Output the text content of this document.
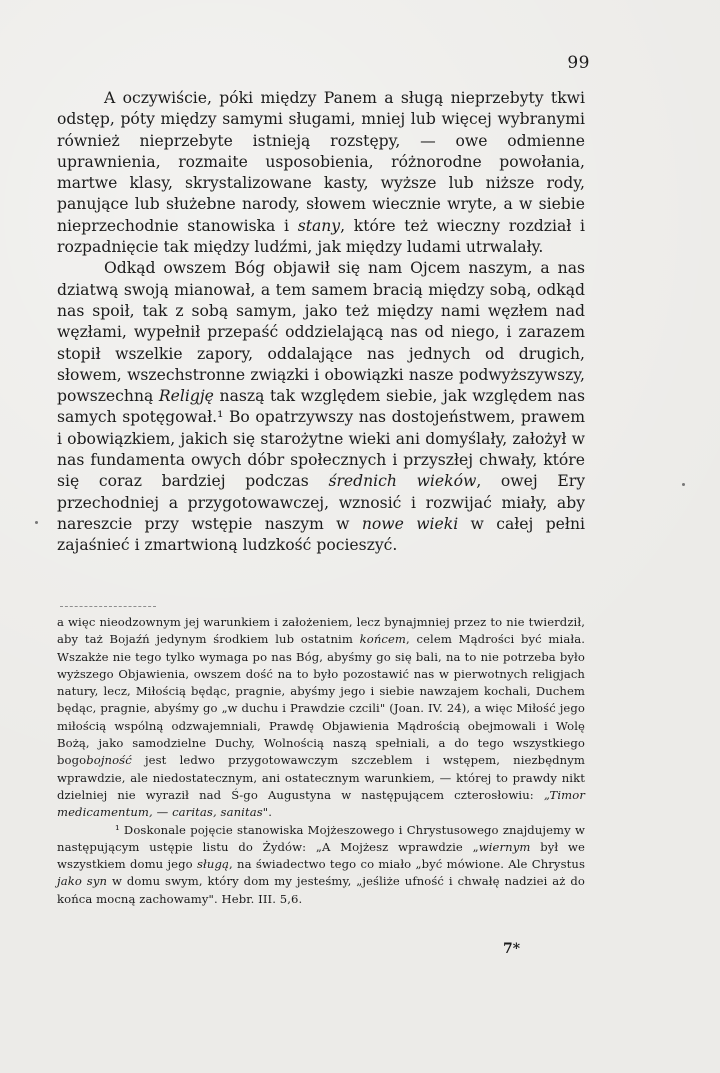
99

A oczywiście, póki między Panem a sługą nieprzebyty tkwi odstęp, póty między samymi sługami, mniej lub więcej wybranymi również nieprzebyte istnieją rozstępy, — owe odmienne uprawnienia, rozmaite usposobienia, różnorodne powołania, martwe klasy, skrystalizowane kasty, wyższe lub niższe rody, panujące lub służebne narody, słowem wiecznie wryte, a w siebie nieprzechodnie stanowiska i stany, które też wieczny rozdział i rozpadnięcie tak między ludźmi, jak między ludami utrwalały.

Odkąd owszem Bóg objawił się nam Ojcem naszym, a nas dziatwą swoją mianował, a tem samem bracią między sobą, odkąd nas spoił, tak z sobą samym, jako też między nami węzłem nad węzłami, wypełnił przepaść oddzielającą nas od niego, i zarazem stopił wszelkie zapory, oddalające nas jednych od drugich, słowem, wszechstronne związki i obowiązki nasze podwyższywszy, powszechną Religję naszą tak względem siebie, jak względem nas samych spotęgował.¹ Bo opatrzywszy nas dostojeństwem, prawem i obowiązkiem, jakich się starożytne wieki ani domyślały, założył w nas fundamenta owych dóbr społecznych i przyszłej chwały, które się coraz bardziej podczas średnich wieków, owej Ery przechodniej a przygotowawczej, wznosić i rozwijać miały, aby nareszcie przy wstępie naszym w nowe wieki w całej pełni zajaśnieć i zmartwioną ludzkość pocieszyć.

a więc nieodzownym jej warunkiem i założeniem, lecz bynajmniej przez to nie twierdził, aby taż Bojaźń jedynym środkiem lub ostatnim końcem, celem Mądrości być miała. Wszakże nie tego tylko wymaga po nas Bóg, abyśmy go się bali, na to nie potrzeba było wyższego Objawienia, owszem dość na to było pozostawić nas w pierwotnych religjach natury, lecz, Miłością będąc, pragnie, abyśmy jego i siebie nawzajem kochali, Duchem będąc, pragnie, abyśmy go „w duchu i Prawdzie czcili" (Joan. IV. 24), a więc Miłość jego miłością wspólną odzwajemniali, Prawdę Objawienia Mądrością obejmowali i Wolę Bożą, jako samodzielne Duchy, Wolnością naszą spełniali, a do tego wszystkiego bogobojność jest ledwo przygotowawczym szczeblem i wstępem, niezbędnym wprawdzie, ale niedostatecznym, ani ostatecznym warunkiem, — której to prawdy nikt dzielniej nie wyraził nad Ś-go Augustyna w następującem czterosłowiu: „Timor medicamentum, — caritas, sanitas".

¹ Doskonale pojęcie stanowiska Mojżeszowego i Chrystusowego znajdujemy w następującym ustępie listu do Żydów: „A Mojżesz wprawdzie „wiernym był we wszystkiem domu jego sługą, na świadectwo tego co miało „być mówione. Ale Chrystus jako syn w domu swym, który dom my jesteśmy, „jeśliże ufność i chwałę nadziei aż do końca mocną zachowamy". Hebr. III. 5,6.

7*
